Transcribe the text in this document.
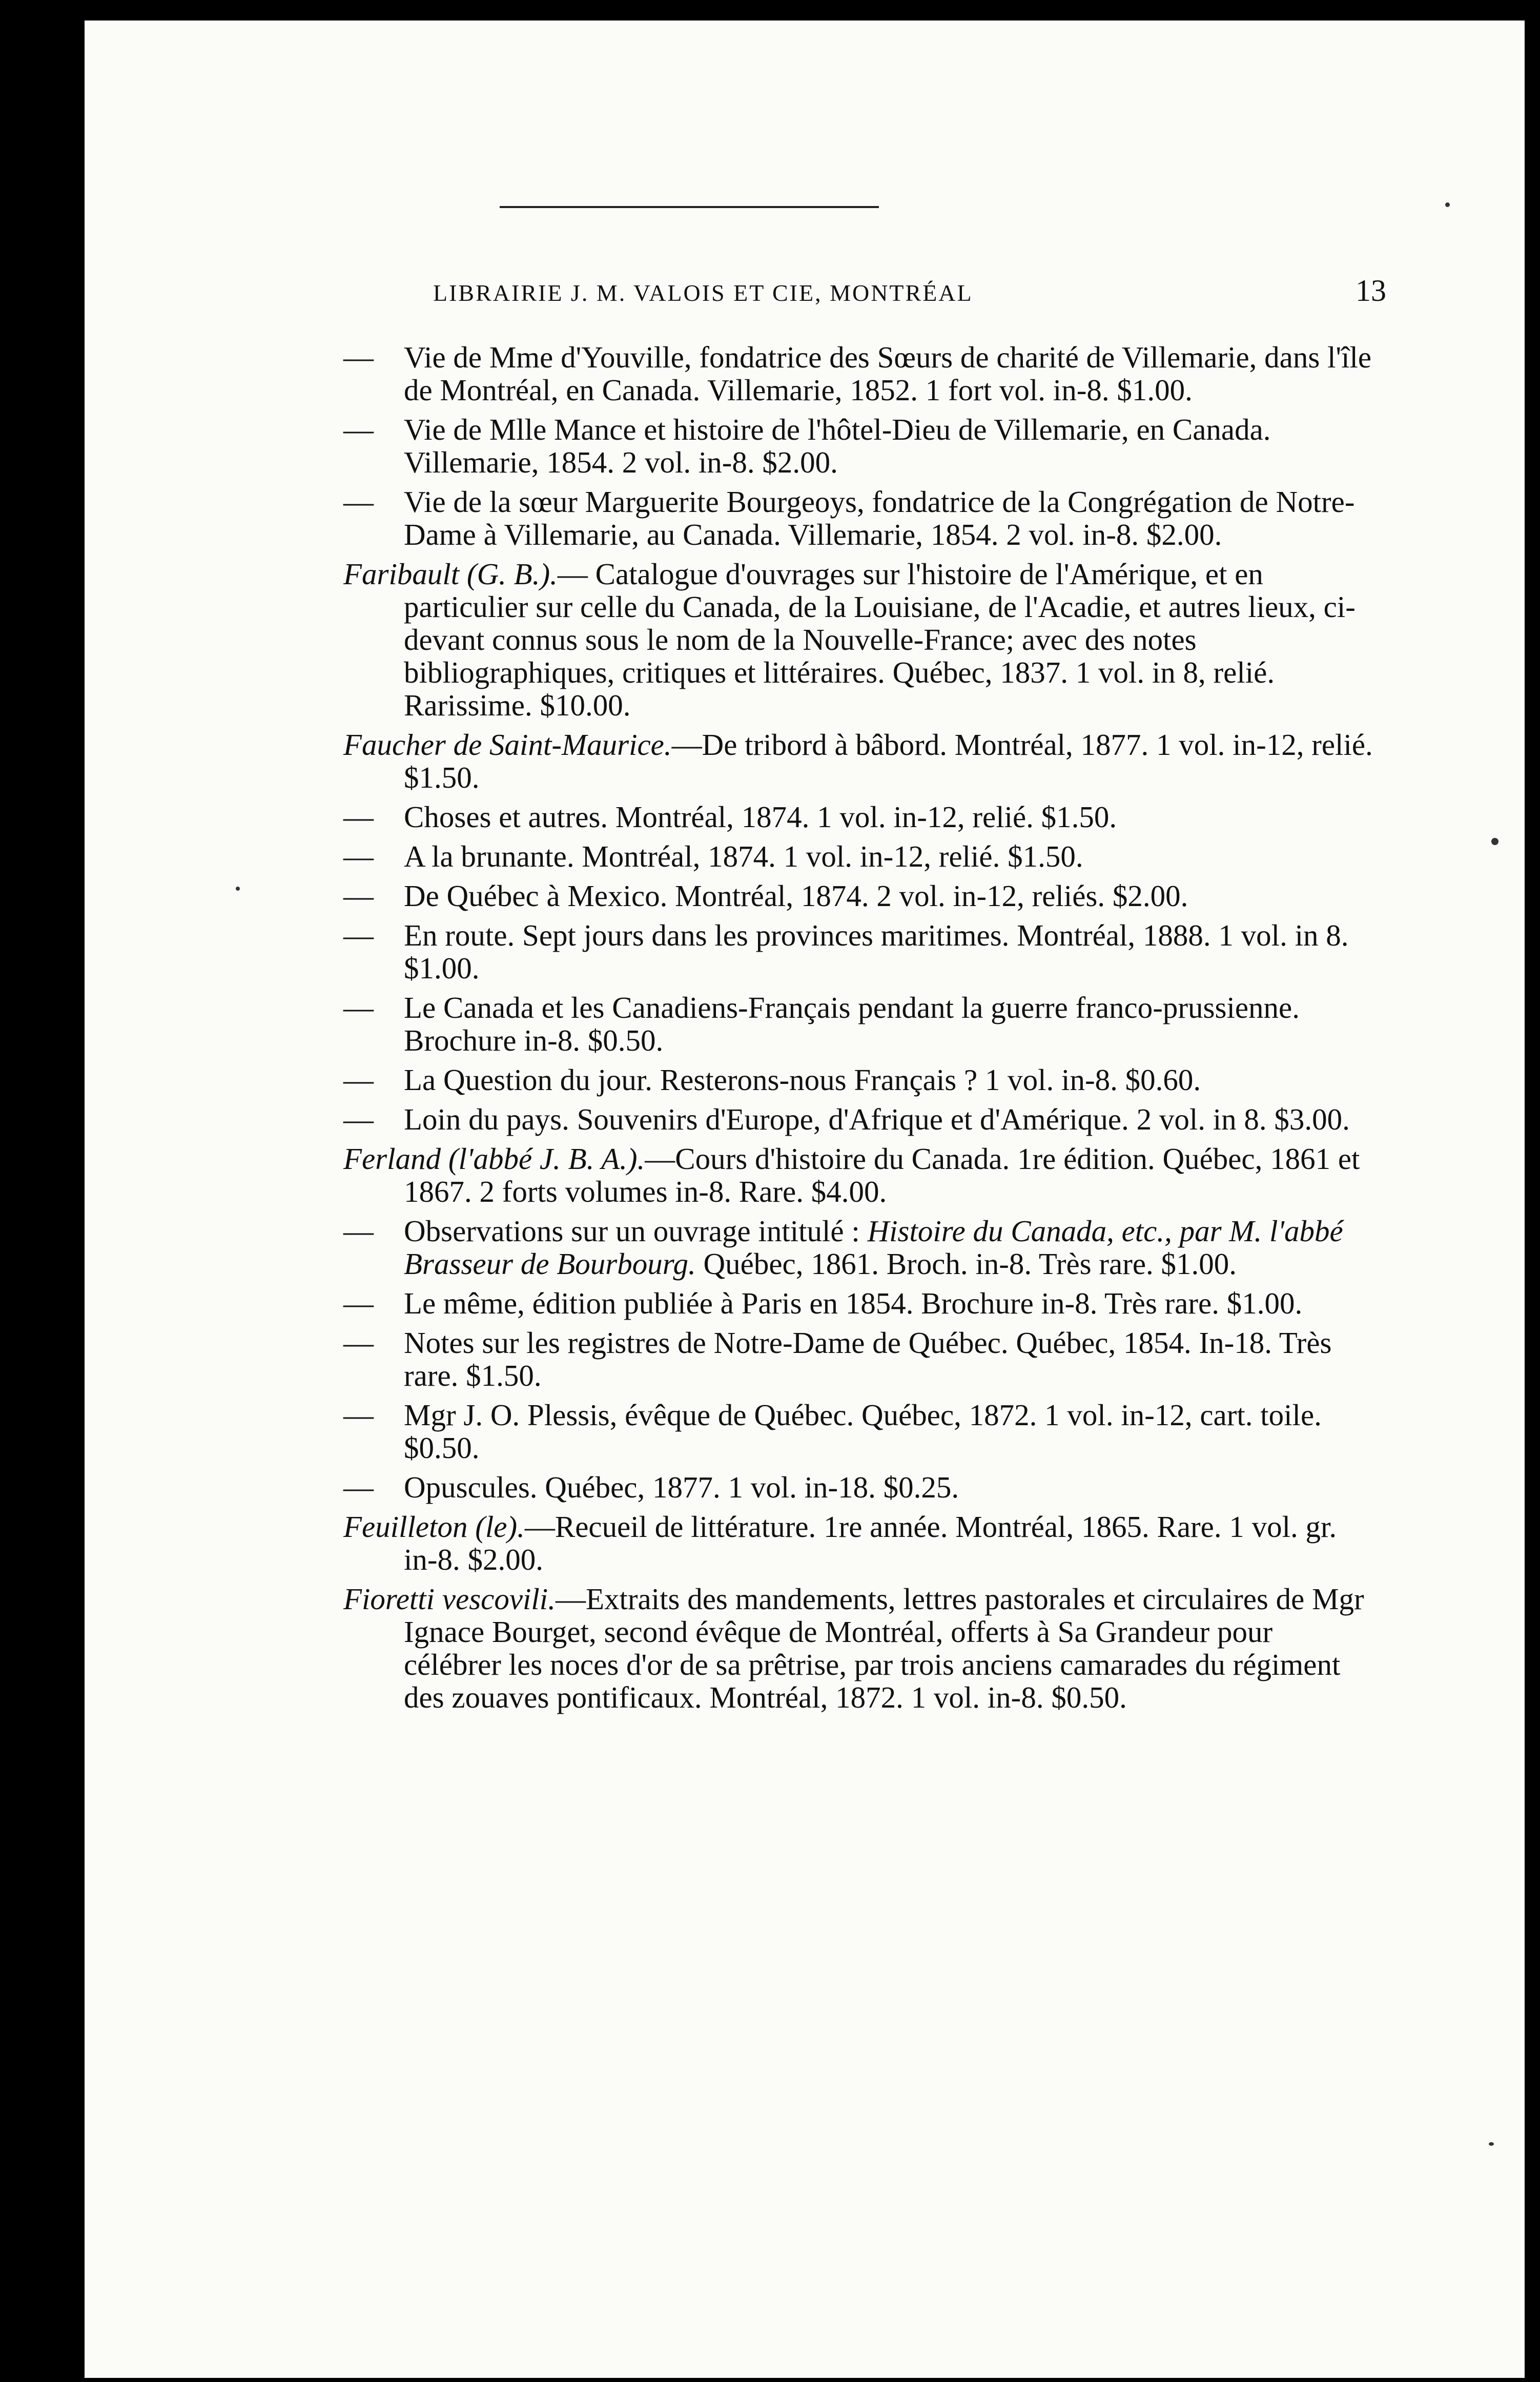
LIBRAIRIE J. M. VALOIS ET CIE, MONTRÉAL	13

— Vie de Mme d'Youville, fondatrice des Sœurs de charité de Villemarie, dans l'île de Montréal, en Canada. Villemarie, 1852. 1 fort vol. in-8. $1.00.

— Vie de Mlle Mance et histoire de l'hôtel-Dieu de Villemarie, en Canada. Villemarie, 1854. 2 vol. in-8. $2.00.

— Vie de la sœur Marguerite Bourgeoys, fondatrice de la Congrégation de Notre-Dame à Villemarie, au Canada. Villemarie, 1854. 2 vol. in-8. $2.00.

Faribault (G. B.).— Catalogue d'ouvrages sur l'histoire de l'Amérique, et en particulier sur celle du Canada, de la Louisiane, de l'Acadie, et autres lieux, ci-devant connus sous le nom de la Nouvelle-France; avec des notes bibliographiques, critiques et littéraires. Québec, 1837. 1 vol. in 8, relié. Rarissime. $10.00.

Faucher de Saint-Maurice.—De tribord à bâbord. Montréal, 1877. 1 vol. in-12, relié. $1.50.

— Choses et autres. Montréal, 1874. 1 vol. in-12, relié. $1.50.

— A la brunante. Montréal, 1874. 1 vol. in-12, relié. $1.50.

— De Québec à Mexico. Montréal, 1874. 2 vol. in-12, reliés. $2.00.

— En route. Sept jours dans les provinces maritimes. Montréal, 1888. 1 vol. in 8. $1.00.

— Le Canada et les Canadiens-Français pendant la guerre franco-prussienne. Brochure in-8. $0.50.

— La Question du jour. Resterons-nous Français ? 1 vol. in-8. $0.60.

— Loin du pays. Souvenirs d'Europe, d'Afrique et d'Amérique. 2 vol. in 8. $3.00.

Ferland (l'abbé J. B. A.).—Cours d'histoire du Canada. 1re édition. Québec, 1861 et 1867. 2 forts volumes in-8. Rare. $4.00.

— Observations sur un ouvrage intitulé : Histoire du Canada, etc., par M. l'abbé Brasseur de Bourbourg. Québec, 1861. Broch. in-8. Très rare. $1.00.

— Le même, édition publiée à Paris en 1854. Brochure in-8. Très rare. $1.00.

— Notes sur les registres de Notre-Dame de Québec. Québec, 1854. In-18. Très rare. $1.50.

— Mgr J. O. Plessis, évêque de Québec. Québec, 1872. 1 vol. in-12, cart. toile. $0.50.

— Opuscules. Québec, 1877. 1 vol. in-18. $0.25.

Feuilleton (le).—Recueil de littérature. 1re année. Montréal, 1865. Rare. 1 vol. gr. in-8. $2.00.

Fioretti vescovili.—Extraits des mandements, lettres pastorales et circulaires de Mgr Ignace Bourget, second évêque de Montréal, offerts à Sa Grandeur pour célébrer les noces d'or de sa prêtrise, par trois anciens camarades du régiment des zouaves pontificaux. Montréal, 1872. 1 vol. in-8. $0.50.
